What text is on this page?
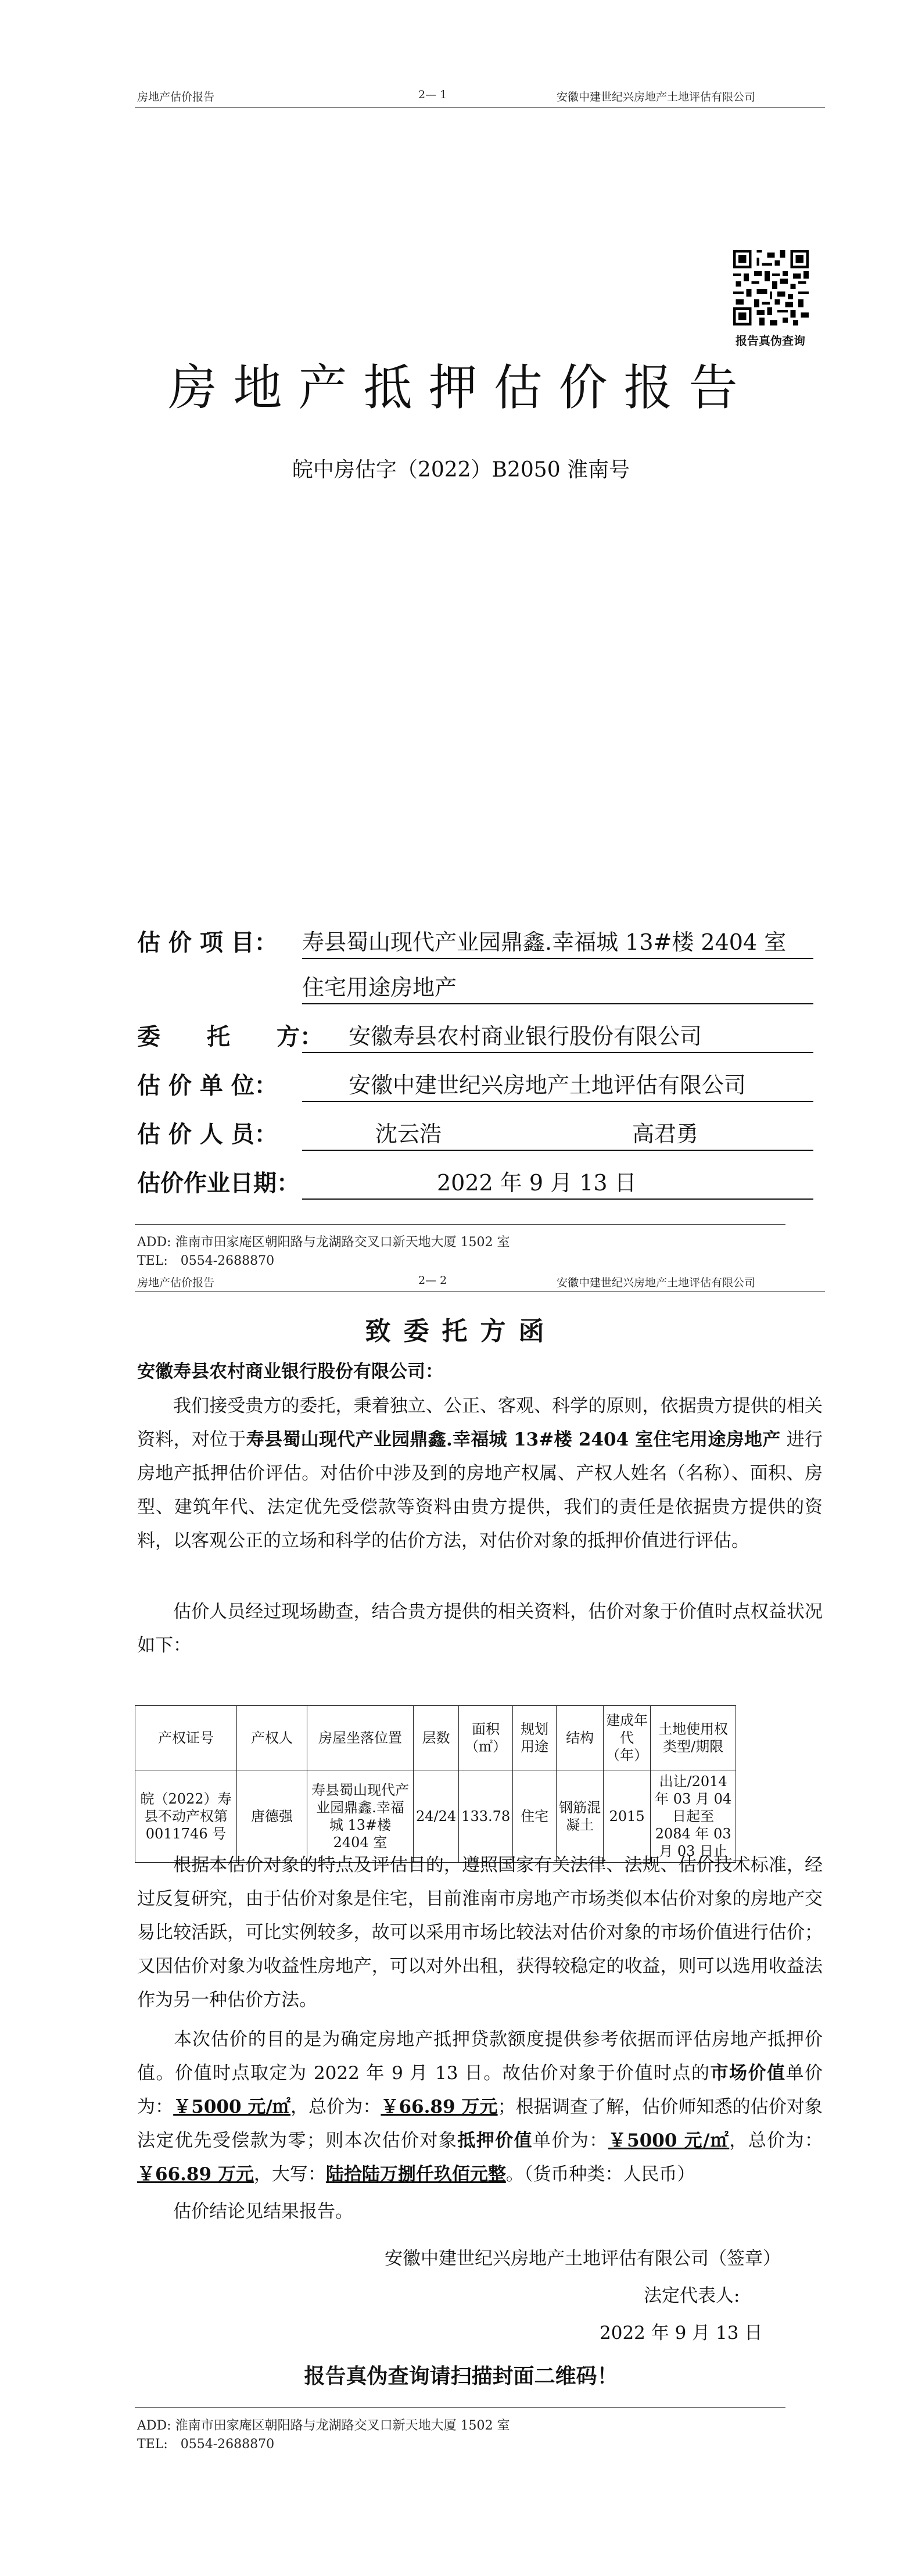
房地产估价报告	2— 1	安徽中建世纪兴房地产土地评估有限公司
报告真伪查询
房地产抵押估价报告
皖中房估字（2022）B2050 淮南号
估 价 项 目： 寿县蜀山现代产业园鼎鑫.幸福城 13#楼 2404 室
住宅用途房地产
委　　托　　方： 安徽寿县农村商业银行股份有限公司
估 价 单 位：	安徽中建世纪兴房地产土地评估有限公司
估 价 人 员：	沈云浩	高君勇
估价作业日期：	2022 年 9 月 13 日
ADD: 淮南市田家庵区朝阳路与龙湖路交叉口新天地大厦 1502 室
TEL:　0554-2688870
房地产估价报告	2— 2	安徽中建世纪兴房地产土地评估有限公司
致委托方函
安徽寿县农村商业银行股份有限公司：
我们接受贵方的委托，秉着独立、公正、客观、科学的原则，依据贵方提供的相关资料，对位于寿县蜀山现代产业园鼎鑫.幸福城 13#楼 2404 室住宅用途房地产 进行房地产抵押估价评估。对估价中涉及到的房地产权属、产权人姓名（名称）、面积、房型、建筑年代、法定优先受偿款等资料由贵方提供，我们的责任是依据贵方提供的资料，以客观公正的立场和科学的估价方法，对估价对象的抵押价值进行评估。
估价人员经过现场勘查，结合贵方提供的相关资料，估价对象于价值时点权益状况如下：
产权证号	产权人	房屋坐落位置	层数	面积（㎡）	规划用途	结构	建成年代（年）	土地使用权类型/期限
皖（2022）寿县不动产权第 0011746 号	唐德强	寿县蜀山现代产业园鼎鑫.幸福城 13#楼 2404 室	24/24	133.78	住宅	钢筋混凝土	2015	出让/2014 年 03 月 04 日起至 2084 年 03 月 03 日止
根据本估价对象的特点及评估目的，遵照国家有关法律、法规、估价技术标准，经过反复研究，由于估价对象是住宅，目前淮南市房地产市场类似本估价对象的房地产交易比较活跃，可比实例较多，故可以采用市场比较法对估价对象的市场价值进行估价；又因估价对象为收益性房地产，可以对外出租，获得较稳定的收益，则可以选用收益法作为另一种估价方法。
本次估价的目的是为确定房地产抵押贷款额度提供参考依据而评估房地产抵押价值。价值时点取定为 2022 年 9 月 13 日。故估价对象于价值时点的市场价值单价为：￥5000 元/㎡，总价为：￥66.89 万元；根据调查了解，估价师知悉的估价对象法定优先受偿款为零；则本次估价对象抵押价值单价为：￥5000 元/㎡，总价为：￥66.89 万元，大写：陆拾陆万捌仟玖佰元整。（货币种类：人民币）
估价结论见结果报告。
安徽中建世纪兴房地产土地评估有限公司（签章）
法定代表人:
2022 年 9 月 13 日
报告真伪查询请扫描封面二维码！
ADD: 淮南市田家庵区朝阳路与龙湖路交叉口新天地大厦 1502 室
TEL:　0554-2688870
